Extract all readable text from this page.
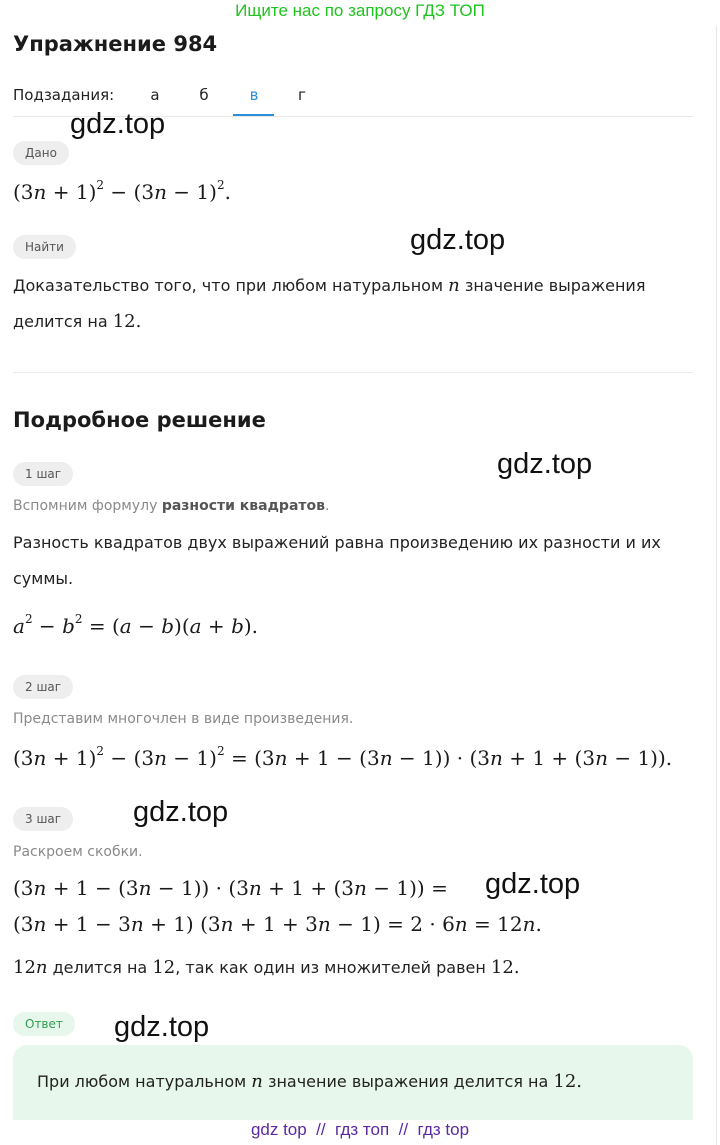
Ищите нас по запросу ГДЗ ТОП
Упражнение 984
Подзадания:	а	б	в	г
Дано
$(3n + 1)^2 - (3n - 1)^2$.
Найти
Доказательство того, что при любом натуральном n значение выражения
делится на 12.
Подробное решение
1 шаг
Вспомним формулу разности квадратов.
Разность квадратов двух выражений равна произведению их разности и их
суммы.
$a^2 - b^2 = (a - b)(a + b)$.
2 шаг
Представим многочлен в виде произведения.
$(3n + 1)^2 - (3n - 1)^2 = (3n + 1 - (3n - 1)) \cdot (3n + 1 + (3n - 1))$.
3 шаг
Раскроем скобки.
(3n + 1 − (3n − 1)) · (3n + 1 + (3n − 1)) =
(3n + 1 − 3n + 1) (3n + 1 + 3n − 1) = 2 · 6n = 12n.
12n делится на 12, так как один из множителей равен 12.
Ответ
При любом натуральном n значение выражения делится на 12.
gdz.top
gdz.top
gdz.top
gdz.top
gdz.top
gdz.top
gdz top  //  гдз топ  //  гдз top
